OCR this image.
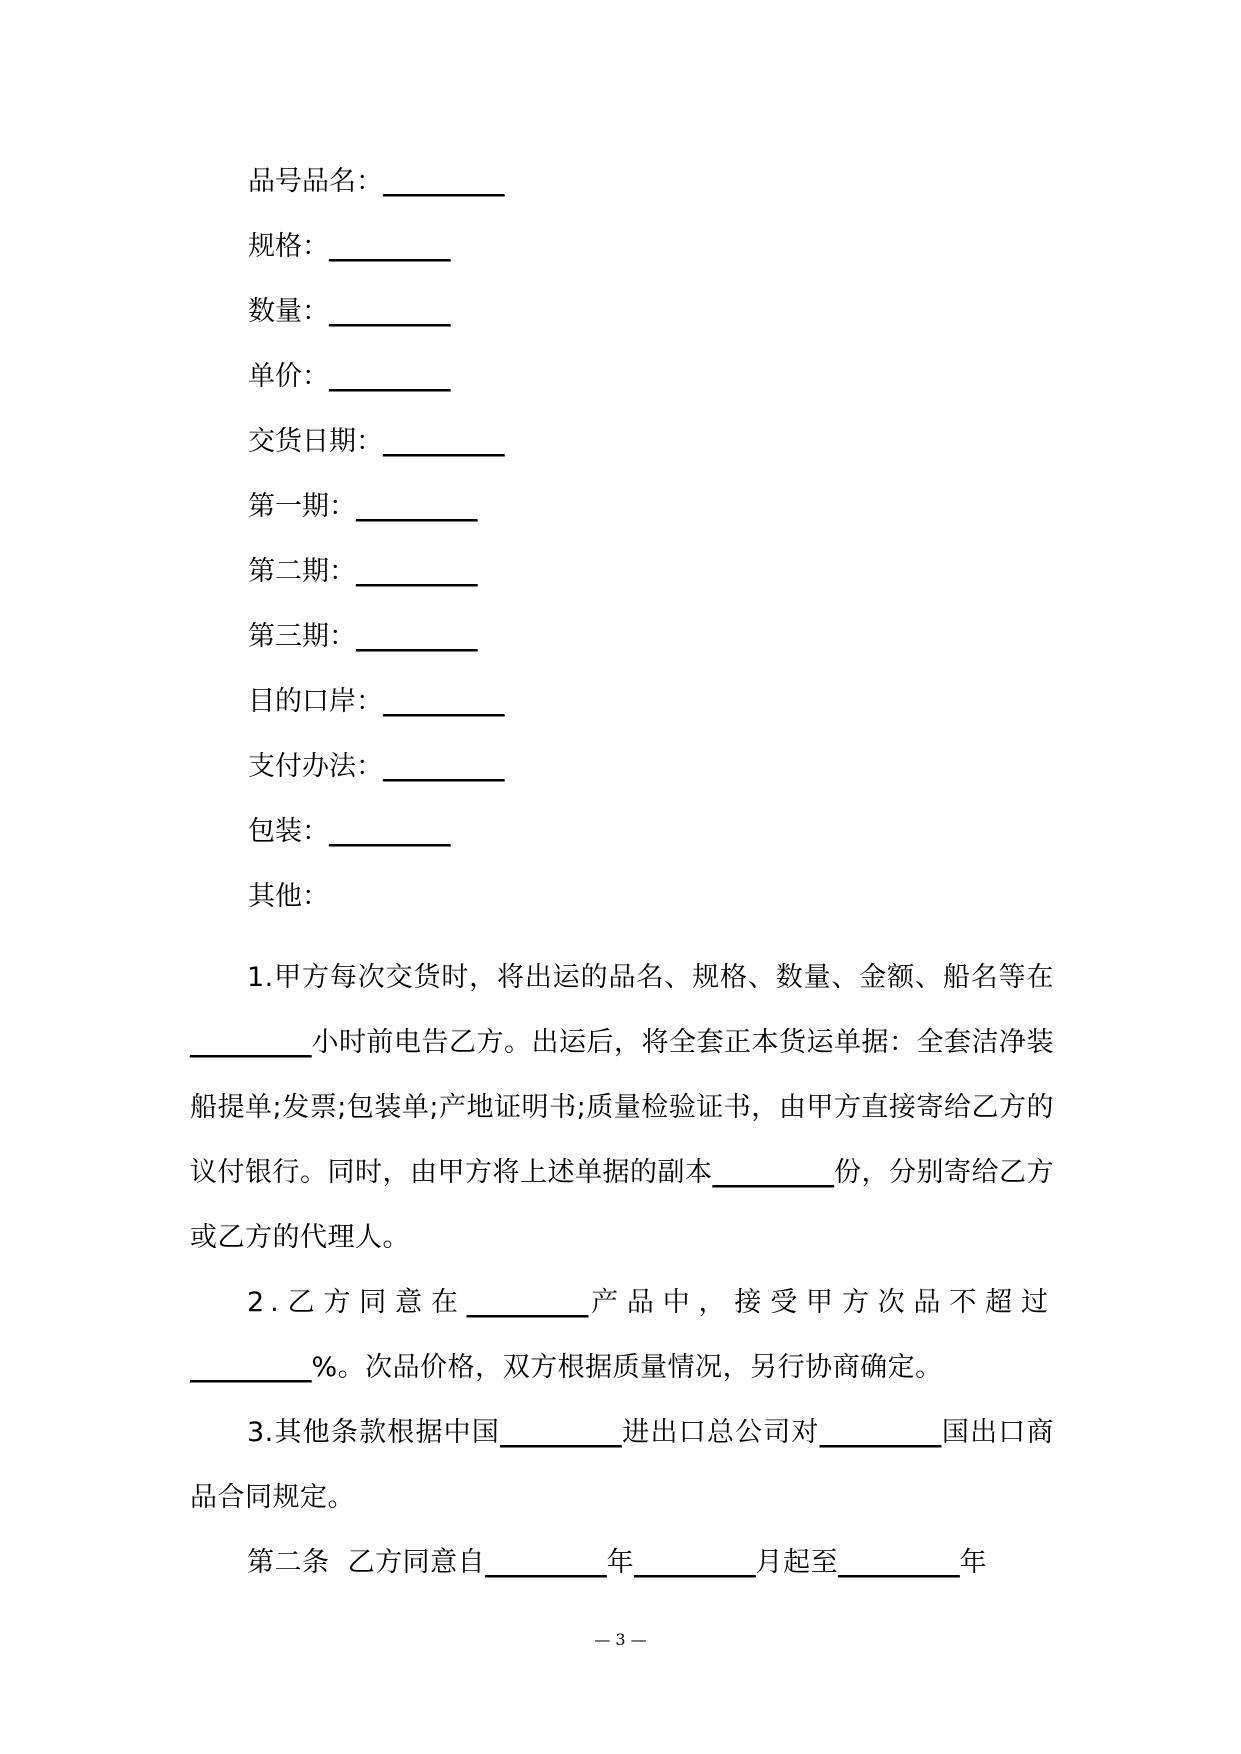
品号品名：_________
规格：_________
数量：_________
单价：_________
交货日期：_________
第一期：_________
第二期：_________
第三期：_________
目的口岸：_________
支付办法：_________
包装：_________
其他：

1.甲方每次交货时，将出运的品名、规格、数量、金额、船名等在_________小时前电告乙方。出运后，将全套正本货运单据：全套洁净装船提单;发票;包装单;产地证明书;质量检验证书，由甲方直接寄给乙方的议付银行。同时，由甲方将上述单据的副本_________份，分别寄给乙方或乙方的代理人。

2.乙方同意在_________产品中，接受甲方次品不超过_________%。次品价格，双方根据质量情况，另行协商确定。

3.其他条款根据中国_________进出口总公司对_________国出口商品合同规定。

第二条  乙方同意自_________年_________月起至_________年

— 3 —
